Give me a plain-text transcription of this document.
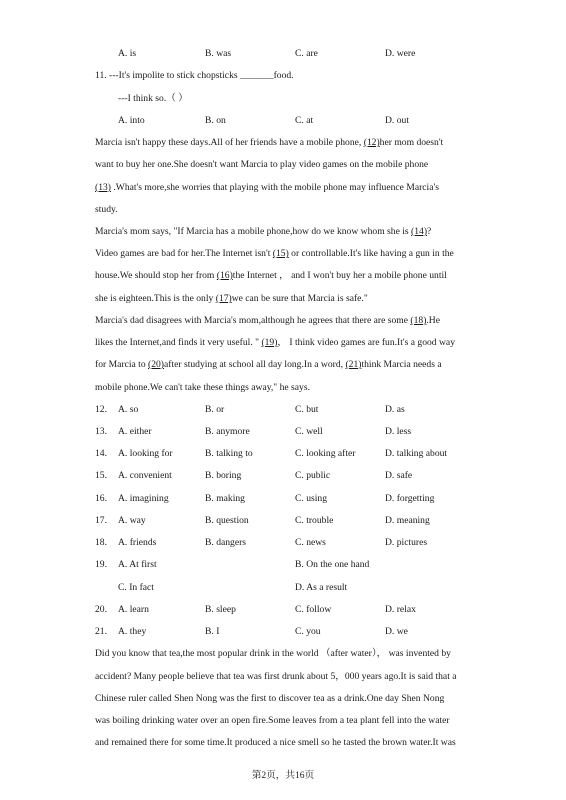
A. is	B. was	C. are	D. were
11. ---It's impolite to stick chopsticks _______food.
---I think so.（ ）
A. into	B. on	C. at	D. out
Marcia isn't happy these days.All of her friends have a mobile phone, (12)her mom doesn't
want to buy her one.She doesn't want Marcia to play video games on the mobile phone
(13) .What's more,she worries that playing with the mobile phone may influence Marcia's
study.
Marcia's mom says, "If Marcia has a mobile phone,how do we know whom she is (14)?
Video games are bad for her.The Internet isn't (15) or controllable.It's like having a gun in the
house.We should stop her from (16)the Internet ， and I won't buy her a mobile phone until
she is eighteen.This is the only (17)we can be sure that Marcia is safe."
Marcia's dad disagrees with Marcia's mom,although he agrees that there are some (18).He
likes the Internet,and finds it very useful. " (19)， I think video games are fun.It's a good way
for Marcia to (20)after studying at school all day long.In a word, (21)think Marcia needs a
mobile phone.We can't take these things away," he says.
12. A. so	B. or	C. but	D. as
13. A. either	B. anymore	C. well	D. less
14. A. looking for	B. talking to	C. looking after	D. talking about
15. A. convenient	B. boring	C. public	D. safe
16. A. imagining	B. making	C. using	D. forgetting
17. A. way	B. question	C. trouble	D. meaning
18. A. friends	B. dangers	C. news	D. pictures
19. A. At first	B. On the one hand
C. In fact	D. As a result
20. A. learn	B. sleep	C. follow	D. relax
21. A. they	B. I	C. you	D. we
Did you know that tea,the most popular drink in the world （after water）， was invented by
accident? Many people believe that tea was first drunk about 5，000 years ago.It is said that a
Chinese ruler called Shen Nong was the first to discover tea as a drink.One day Shen Nong
was boiling drinking water over an open fire.Some leaves from a tea plant fell into the water
and remained there for some time.It produced a nice smell so he tasted the brown water.It was
第2页，共16页
